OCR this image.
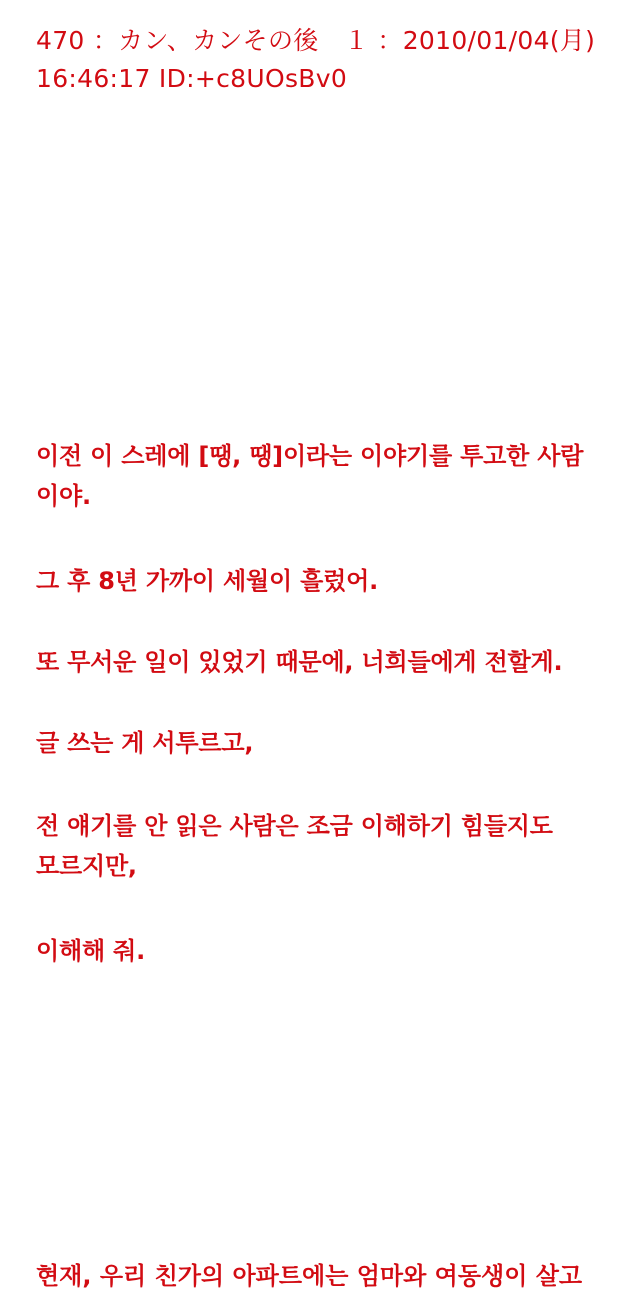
470 ：カン、カンその後　１ ：2010/01/04(月)
16:46:17 ID:+c8UOsBv0
이전 이 스레에 [땡, 땡]이라는 이야기를 투고한 사람
이야.
그 후 8년 가까이 세월이 흘렀어.
또 무서운 일이 있었기 때문에, 너희들에게 전할게.
글 쓰는 게 서투르고,
전 얘기를 안 읽은 사람은 조금 이해하기 힘들지도
모르지만,
이해해 줘.
현재, 우리 친가의 아파트에는 엄마와 여동생이 살고
